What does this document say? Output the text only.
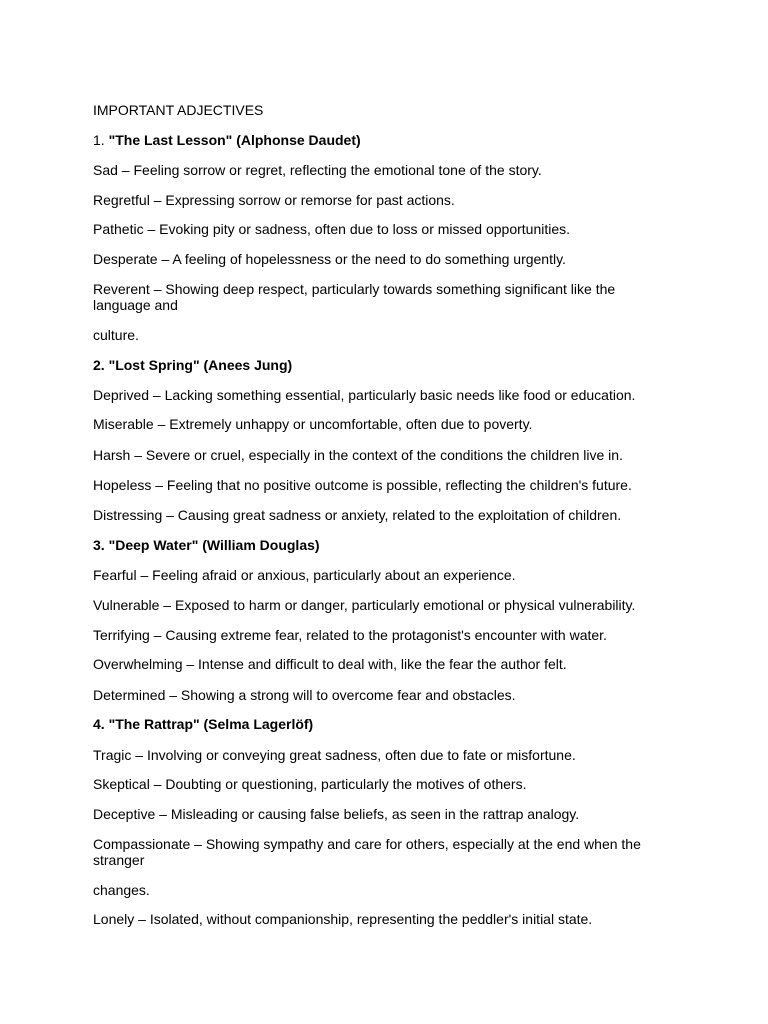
IMPORTANT ADJECTIVES
1. "The Last Lesson" (Alphonse Daudet)
Sad – Feeling sorrow or regret, reflecting the emotional tone of the story.
Regretful – Expressing sorrow or remorse for past actions.
Pathetic – Evoking pity or sadness, often due to loss or missed opportunities.
Desperate – A feeling of hopelessness or the need to do something urgently.
Reverent – Showing deep respect, particularly towards something significant like the language and
culture.
2. "Lost Spring" (Anees Jung)
Deprived – Lacking something essential, particularly basic needs like food or education.
Miserable – Extremely unhappy or uncomfortable, often due to poverty.
Harsh – Severe or cruel, especially in the context of the conditions the children live in.
Hopeless – Feeling that no positive outcome is possible, reflecting the children's future.
Distressing – Causing great sadness or anxiety, related to the exploitation of children.
3. "Deep Water" (William Douglas)
Fearful – Feeling afraid or anxious, particularly about an experience.
Vulnerable – Exposed to harm or danger, particularly emotional or physical vulnerability.
Terrifying – Causing extreme fear, related to the protagonist's encounter with water.
Overwhelming – Intense and difficult to deal with, like the fear the author felt.
Determined – Showing a strong will to overcome fear and obstacles.
4. "The Rattrap" (Selma Lagerlöf)
Tragic – Involving or conveying great sadness, often due to fate or misfortune.
Skeptical – Doubting or questioning, particularly the motives of others.
Deceptive – Misleading or causing false beliefs, as seen in the rattrap analogy.
Compassionate – Showing sympathy and care for others, especially at the end when the stranger
changes.
Lonely – Isolated, without companionship, representing the peddler's initial state.
